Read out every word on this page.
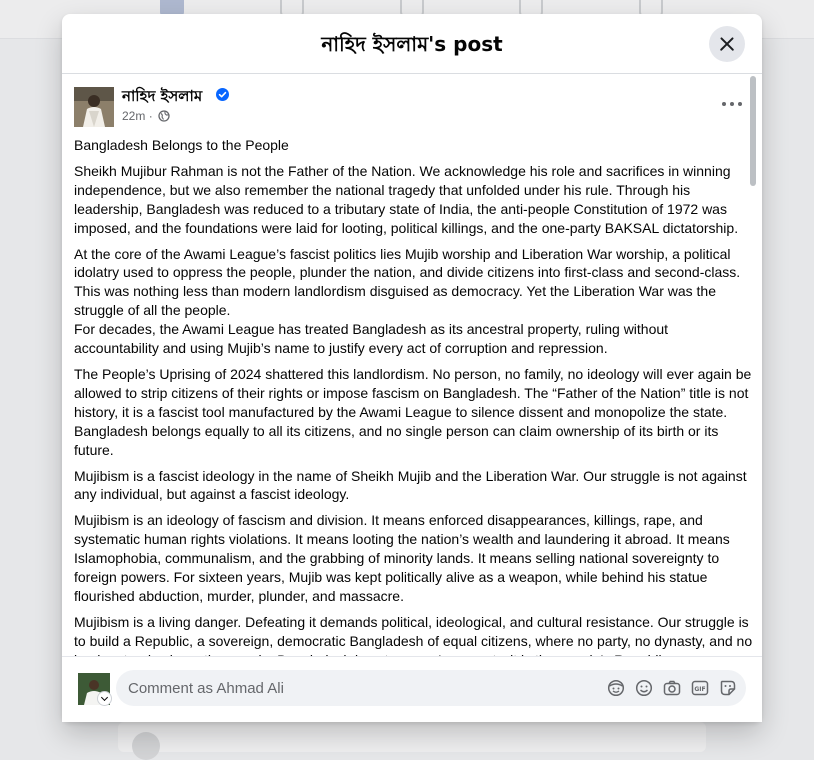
নাহিদ ইসলাম's post
নাহিদ ইসলাম
22m ·

Bangladesh Belongs to the People

Sheikh Mujibur Rahman is not the Father of the Nation. We acknowledge his role and sacrifices in winning independence, but we also remember the national tragedy that unfolded under his rule. Through his leadership, Bangladesh was reduced to a tributary state of India, the anti-people Constitution of 1972 was imposed, and the foundations were laid for looting, political killings, and the one-party BAKSAL dictatorship.

At the core of the Awami League’s fascist politics lies Mujib worship and Liberation War worship, a political idolatry used to oppress the people, plunder the nation, and divide citizens into first-class and second-class. This was nothing less than modern landlordism disguised as democracy. Yet the Liberation War was the struggle of all the people.
For decades, the Awami League has treated Bangladesh as its ancestral property, ruling without accountability and using Mujib’s name to justify every act of corruption and repression.

The People’s Uprising of 2024 shattered this landlordism. No person, no family, no ideology will ever again be allowed to strip citizens of their rights or impose fascism on Bangladesh. The “Father of the Nation” title is not history, it is a fascist tool manufactured by the Awami League to silence dissent and monopolize the state. Bangladesh belongs equally to all its citizens, and no single person can claim ownership of its birth or its future.

Mujibism is a fascist ideology in the name of Sheikh Mujib and the Liberation War. Our struggle is not against any individual, but against a fascist ideology.

Mujibism is an ideology of fascism and division. It means enforced disappearances, killings, rape, and systematic human rights violations. It means looting the nation’s wealth and laundering it abroad. It means Islamophobia, communalism, and the grabbing of minority lands. It means selling national sovereignty to foreign powers. For sixteen years, Mujib was kept politically alive as a weapon, while behind his statue flourished abduction, murder, plunder, and massacre.

Mujibism is a living danger. Defeating it demands political, ideological, and cultural resistance. Our struggle is to build a Republic, a sovereign, democratic Bangladesh of equal citizens, where no party, no dynasty, and no

Comment as Ahmad Ali
GIF
